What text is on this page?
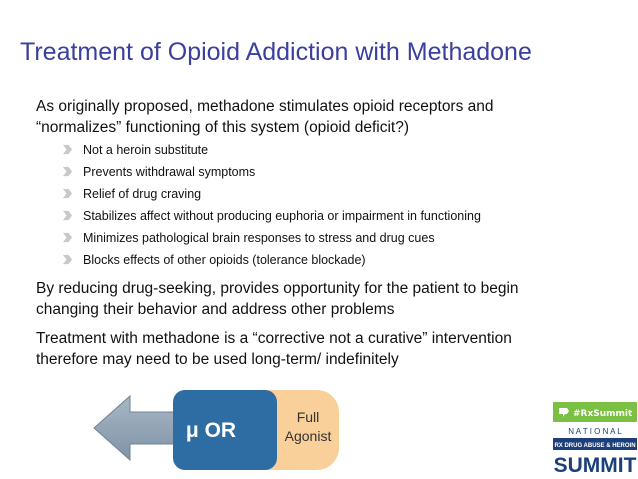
Treatment of Opioid Addiction with Methadone
As originally proposed, methadone stimulates opioid receptors and
“normalizes” functioning of this system (opioid deficit?)
Not a heroin substitute
Prevents withdrawal symptoms
Relief of drug craving
Stabilizes affect without producing euphoria or impairment in functioning
Minimizes pathological brain responses to stress and drug cues
Blocks effects of other opioids (tolerance blockade)
By reducing drug-seeking, provides opportunity for the patient to begin
changing their behavior and address other problems
Treatment with methadone is a “corrective not a curative” intervention
therefore may need to be used long-term/ indefinitely
μ OR
Full
Agonist
#RxSummit
N A T I O N A L
RX DRUG ABUSE & HEROIN
SUMMIT
